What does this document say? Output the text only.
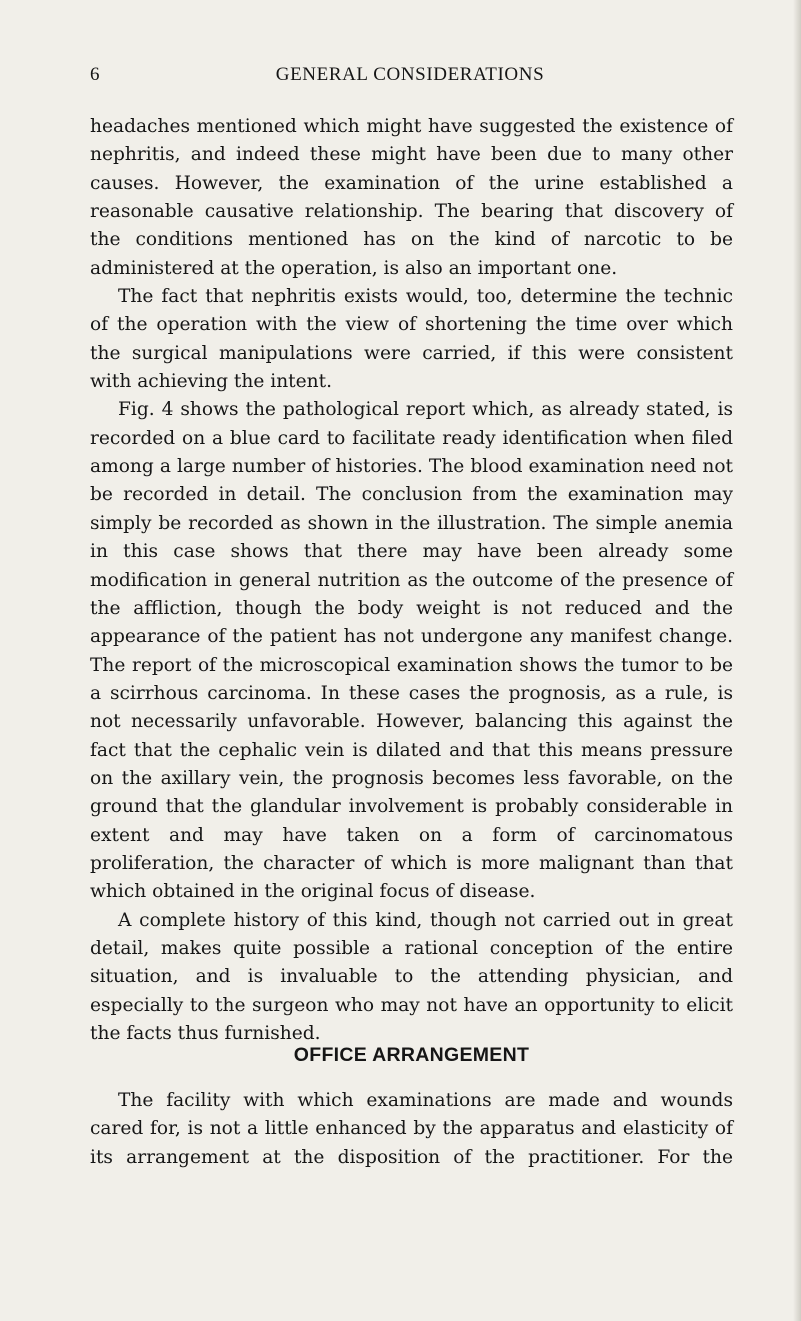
6	GENERAL CONSIDERATIONS

headaches mentioned which might have suggested the existence of nephritis, and indeed these might have been due to many other causes. However, the examination of the urine established a reasonable causative relationship. The bearing that discovery of the conditions mentioned has on the kind of narcotic to be administered at the operation, is also an important one.

The fact that nephritis exists would, too, determine the technic of the operation with the view of shortening the time over which the surgical manipulations were carried, if this were consistent with achieving the intent.

Fig. 4 shows the pathological report which, as already stated, is recorded on a blue card to facilitate ready identification when filed among a large number of histories. The blood examination need not be recorded in detail. The conclusion from the examination may simply be recorded as shown in the illustration. The simple anemia in this case shows that there may have been already some modification in general nutrition as the outcome of the presence of the affliction, though the body weight is not reduced and the appearance of the patient has not undergone any manifest change. The report of the microscopical examination shows the tumor to be a scirrhous carcinoma. In these cases the prognosis, as a rule, is not necessarily unfavorable. However, balancing this against the fact that the cephalic vein is dilated and that this means pressure on the axillary vein, the prognosis becomes less favorable, on the ground that the glandular involvement is probably considerable in extent and may have taken on a form of carcinomatous proliferation, the character of which is more malignant than that which obtained in the original focus of disease.

A complete history of this kind, though not carried out in great detail, makes quite possible a rational conception of the entire situation, and is invaluable to the attending physician, and especially to the surgeon who may not have an opportunity to elicit the facts thus furnished.

OFFICE ARRANGEMENT

The facility with which examinations are made and wounds cared for, is not a little enhanced by the apparatus and elasticity of its arrangement at the disposition of the practitioner. For the
